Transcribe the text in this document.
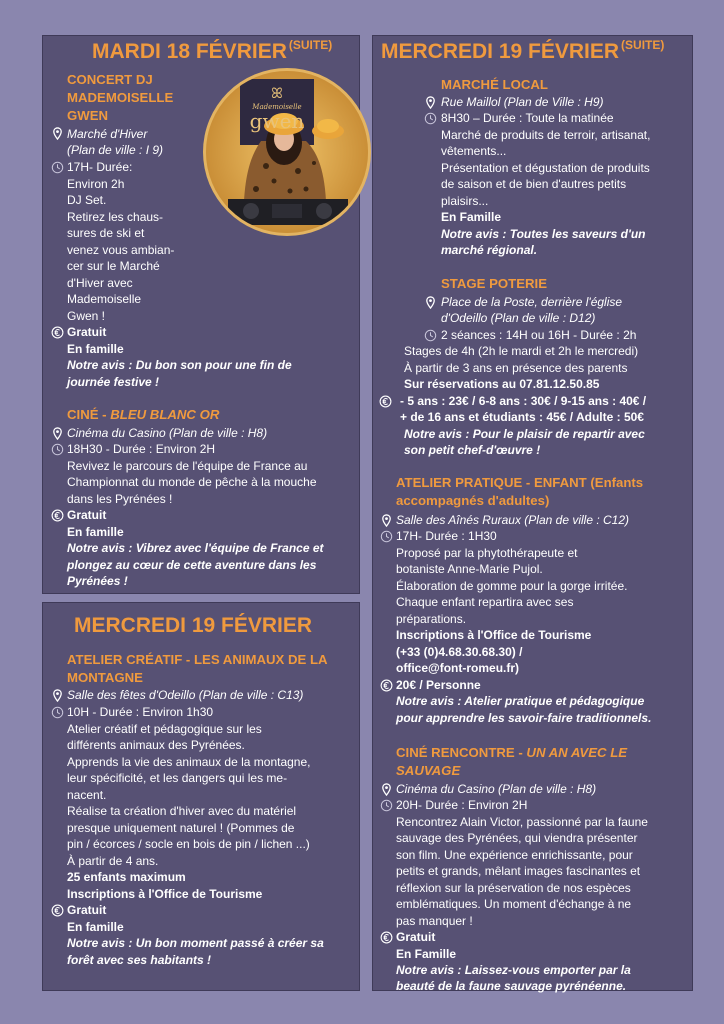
MARDI 18 FÉVRIER $^{(SUITE)}$
CONCERT DJ
MADEMOISELLE
GWEN
Marché d'Hiver
(Plan de ville : I 9)
17H- Durée:
Environ 2h
DJ Set.
Retirez les chaus-
sures de ski et
venez vous ambian-
cer sur le Marché
d'Hiver avec
Mademoiselle
Gwen !
Gratuit
En famille
Notre avis : Du bon son pour une fin de
journée festive !
ꕤ
Mademoiselle
gwen
CINÉ - BLEU BLANC OR
Cinéma du Casino (Plan de ville : H8)
18H30 - Durée : Environ 2H
Revivez le parcours de l'équipe de France au
Championnat du monde de pêche à la mouche
dans les Pyrénées !
Gratuit
En famille
Notre avis : Vibrez avec l'équipe de France et
plongez au cœur de cette aventure dans les
Pyrénées !
MERCREDI 19 FÉVRIER
ATELIER CRÉATIF - LES ANIMAUX DE LA
MONTAGNE
Salle des fêtes d'Odeillo (Plan de ville : C13)
10H - Durée : Environ 1h30
Atelier créatif et pédagogique sur les
différents animaux des Pyrénées.
Apprends la vie des animaux de la montagne,
leur spécificité, et les dangers qui les me-
nacent.
Réalise ta création d'hiver avec du matériel
presque uniquement naturel ! (Pommes de
pin / écorces / socle en bois de pin / lichen ...)
À partir de 4 ans.
25 enfants maximum
Inscriptions à l'Office de Tourisme
Gratuit
En famille
Notre avis : Un bon moment passé à créer sa
forêt avec ses habitants !
MERCREDI 19 FÉVRIER $^{(SUITE)}$
MARCHÉ LOCAL
Rue Maillol (Plan de Ville : H9)
8H30 – Durée : Toute la matinée
Marché de produits de terroir, artisanat,
vêtements...
Présentation et dégustation de produits
de saison et de bien d'autres petits
plaisirs...
En Famille
Notre avis : Toutes les saveurs d'un
marché régional.
STAGE POTERIE
Place de la Poste, derrière l'église
d'Odeillo (Plan de ville : D12)
2 séances : 14H ou 16H - Durée : 2h
Stages de 4h (2h le mardi et 2h le mercredi)
À partir de 3 ans en présence des parents
Sur réservations au 07.81.12.50.85
- 5 ans : 23€ / 6-8 ans : 30€ / 9-15 ans : 40€ /
+ de 16 ans et étudiants : 45€ / Adulte : 50€
Notre avis : Pour le plaisir de repartir avec
son petit chef-d'œuvre !
ATELIER PRATIQUE - ENFANT (Enfants
accompagnés d'adultes)
Salle des Aînés Ruraux (Plan de ville : C12)
17H- Durée : 1H30
Proposé par la phytothérapeute et
botaniste Anne-Marie Pujol.
Élaboration de gomme pour la gorge irritée.
Chaque enfant repartira avec ses
préparations.
Inscriptions à l'Office de Tourisme
(+33 (0)4.68.30.68.30) /
office@font-romeu.fr)
20€ / Personne
Notre avis : Atelier pratique et pédagogique
pour apprendre les savoir-faire traditionnels.
CINÉ RENCONTRE - UN AN AVEC LE
SAUVAGE
Cinéma du Casino (Plan de ville : H8)
20H- Durée : Environ 2H
Rencontrez Alain Victor, passionné par la faune
sauvage des Pyrénées, qui viendra présenter
son film. Une expérience enrichissante, pour
petits et grands, mêlant images fascinantes et
réflexion sur la préservation de nos espèces
emblématiques. Un moment d'échange à ne
pas manquer !
Gratuit
En Famille
Notre avis : Laissez-vous emporter par la
beauté de la faune sauvage pyrénéenne.
